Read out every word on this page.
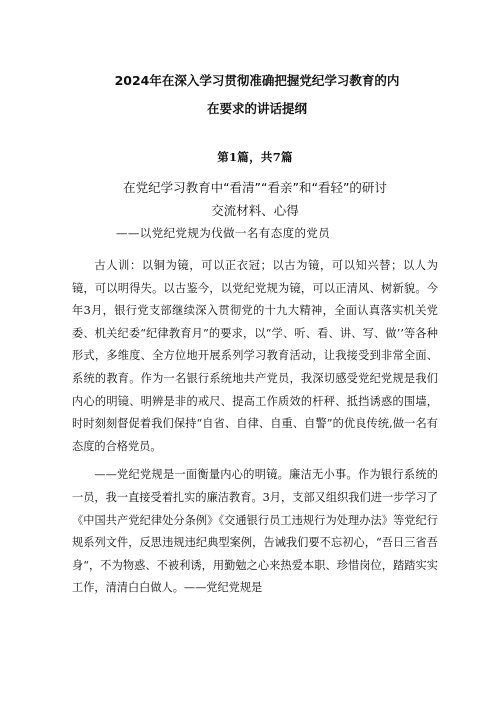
2024年在深入学习贯彻准确把握党纪学习教育的内
在要求的讲话提纲
第1篇，共7篇
在党纪学习教育中“看清”“看亲”和“看轻”的研讨
交流材料、心得
——以党纪党规为伐做一名有态度的党员

古人训：以铜为镜，可以正衣冠；以古为镜，可以知兴替；以人为镜，可以明得失。以古鉴今，以党纪党规为镜，可以正清风、树新貌。今年3月，银行党支部继续深入贯彻党的十九大精神，全面认真落实机关党委、机关纪委“纪律教育月”的要求，以“学、听、看、讲、写、做’’等各种形式，多维度、全方位地开展系列学习教育活动，让我接受到非常全面、系统的教育。作为一名银行系统地共产党员，我深切感受党纪党规是我们内心的明镜、明辨是非的戒尺、提高工作质效的杆秤、抵挡诱惑的围墙，时时刻刻督促着我们保持“自省、自律、自重、自警”的优良传统,做一名有态度的合格党员。

——党纪党规是一面衡量内心的明镜。廉洁无小事。作为银行系统的一员，我一直接受着扎实的廉洁教育。3月，支部又组织我们进一步学习了《中国共产党纪律处分条例》《交通银行员工违规行为处理办法》等党纪行规系列文件，反思违规违纪典型案例，告诫我们要不忘初心，“吾日三省吾身“，不为物惑、不被利诱，用勤勉之心来热爱本职、珍惜岗位，踏踏实实工作，清清白白做人。——党纪党规是
